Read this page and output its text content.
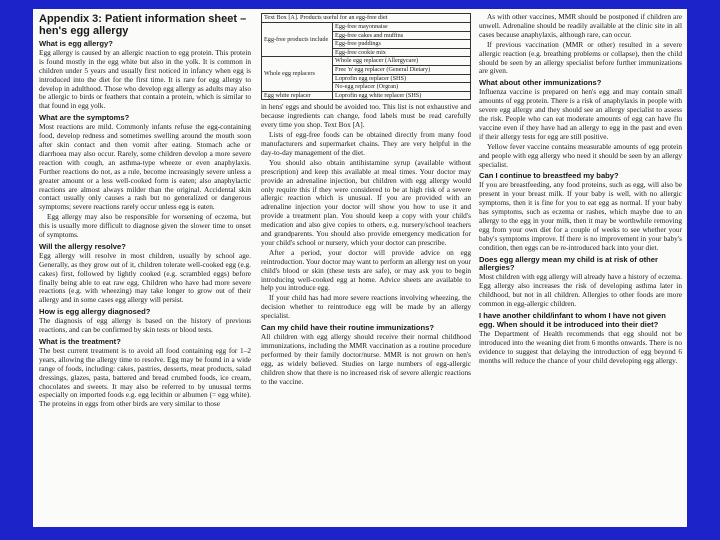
Appendix 3: Patient information sheet – hen's egg allergy
What is egg allergy?
Egg allergy is caused by an allergic reaction to egg protein. This protein is found mostly in the egg white but also in the yolk. It is common in children under 5 years and usually first noticed in infancy when egg is introduced into the diet for the first time. It is rare for egg allergy to develop in adulthood. Those who develop egg allergy as adults may also be allergic to birds or feathers that contain a protein, which is similar to that found in egg yolk.
What are the symptoms?
Most reactions are mild. Commonly infants refuse the egg-containing food, develop redness and sometimes swelling around the mouth soon after skin contact and then vomit after eating. Stomach ache or diarrhoea may also occur. Rarely, some children develop a more severe reaction with cough, an asthma-type wheeze or even anaphylaxis. Further reactions do not, as a rule, become increasingly severe unless a greater amount or a less well-cooked form is eaten; also anaphylactic reactions are almost always milder than the original. Accidental skin contact usually only causes a rash but no generalized or dangerous symptoms; severe reactions rarely occur unless egg is eaten.
Egg allergy may also be responsible for worsening of eczema, but this is usually more difficult to diagnose given the slower time to onset of symptoms.
Will the allergy resolve?
Egg allergy will resolve in most children, usually by school age. Generally, as they grow out of it, children tolerate well-cooked egg (e.g. cakes) first, followed by lightly cooked (e.g. scrambled eggs) before finally being able to eat raw egg. Children who have had more severe reactions (e.g. with wheezing) may take longer to grow out of their allergy and in some cases egg allergy will persist.
How is egg allergy diagnosed?
The diagnosis of egg allergy is based on the history of previous reactions, and can be confirmed by skin tests or blood tests.
What is the treatment?
The best current treatment is to avoid all food containing egg for 1–2 years, allowing the allergy time to resolve. Egg may be found in a wide range of foods, including: cakes, pastries, desserts, meat products, salad dressings, glazes, pasta, battered and bread crumbed foods, ice cream, chocolates and sweets. It may also be referred to by unusual terms especially on imported foods e.g. egg lecithin or albumen (= egg white). The proteins in eggs from other birds are very similar to those
Text Box [A]. Products useful for an egg-free diet	
Egg-free products include	Egg-free mayonnaise
	Egg-free cakes and muffins
	Egg-free puddings
	Egg-free cookie mix
Whole egg replacers	Whole egg replacer (Allergycare)
	Free 'n' egg replacer (General Dietary)
	Loprofin egg replacer (SHS)
	No-egg replacer (Orgran)
Egg white replacer	Loprofin egg white replacer (SHS)
in hens' eggs and should be avoided too. This list is not exhaustive and because ingredients can change, food labels must be read carefully every time you shop. Text Box [A].
Lists of egg-free foods can be obtained directly from many food manufacturers and supermarket chains. They are very helpful in the day-to-day management of the diet.
You should also obtain antihistamine syrup (available without prescription) and keep this available at meal times. Your doctor may provide an adrenaline injection, but children with egg allergy would only require this if they were considered to be at high risk of a severe allergic reaction which is unusual. If you are provided with an adrenaline injection your doctor will show you how to use it and provide a treatment plan. You should keep a copy with your child's medication and also give copies to others, e.g. nursery/school teachers and grandparents. You should also provide emergency medication for your child's school or nursery, which your doctor can prescribe.
After a period, your doctor will provide advice on egg reintroduction. Your doctor may want to perform an allergy test on your child's blood or skin (these tests are safe), or may ask you to begin introducing well-cooked egg at home. Advice sheets are available to help you introduce egg.
If your child has had more severe reactions involving wheezing, the decision whether to reintroduce egg will be made by an allergy specialist.
Can my child have their routine immunizations?
All children with egg allergy should receive their normal childhood immunizations, including the MMR vaccination as a routine procedure performed by their family doctor/nurse. MMR is not grown on hen's egg, as widely believed. Studies on large numbers of egg-allergic children show that there is no increased risk of severe allergic reactions to the vaccine.
As with other vaccines, MMR should be postponed if children are unwell. Adrenaline should be readily available at the clinic site in all cases because anaphylaxis, although rare, can occur.
If previous vaccination (MMR or other) resulted in a severe allergic reaction (e.g. breathing problems or collapse), then the child should be seen by an allergy specialist before further immunizations are given.
What about other immunizations?
Influenza vaccine is prepared on hen's egg and may contain small amounts of egg protein. There is a risk of anaphylaxis in people with severe egg allergy and they should see an allergy specialist to assess the risk. People who can eat moderate amounts of egg can have flu vaccine even if they have had an allergy to egg in the past and even if their allergy tests for egg are still positive.
Yellow fever vaccine contains measurable amounts of egg protein and people with egg allergy who need it should be seen by an allergy specialist.
Can I continue to breastfeed my baby?
If you are breastfeeding, any food proteins, such as egg, will also be present in your breast milk. If your baby is well, with no allergic symptoms, then it is fine for you to eat egg as normal. If your baby has symptoms, such as eczema or rashes, which maybe due to an allergy to the egg in your milk, then it may be worthwhile removing egg from your own diet for a couple of weeks to see whether your baby's symptoms improve. If there is no improvement in your baby's condition, then eggs can be re-introduced back into your diet.
Does egg allergy mean my child is at risk of other allergies?
Most children with egg allergy will already have a history of eczema. Egg allergy also increases the risk of developing asthma later in childhood, but not in all children. Allergies to other foods are more common in egg-allergic children.
I have another child/infant to whom I have not given egg. When should it be introduced into their diet?
The Department of Health recommends that egg should not be introduced into the weaning diet from 6 months onwards. There is no evidence to suggest that delaying the introduction of egg beyond 6 months will reduce the chance of your child developing egg allergy.
